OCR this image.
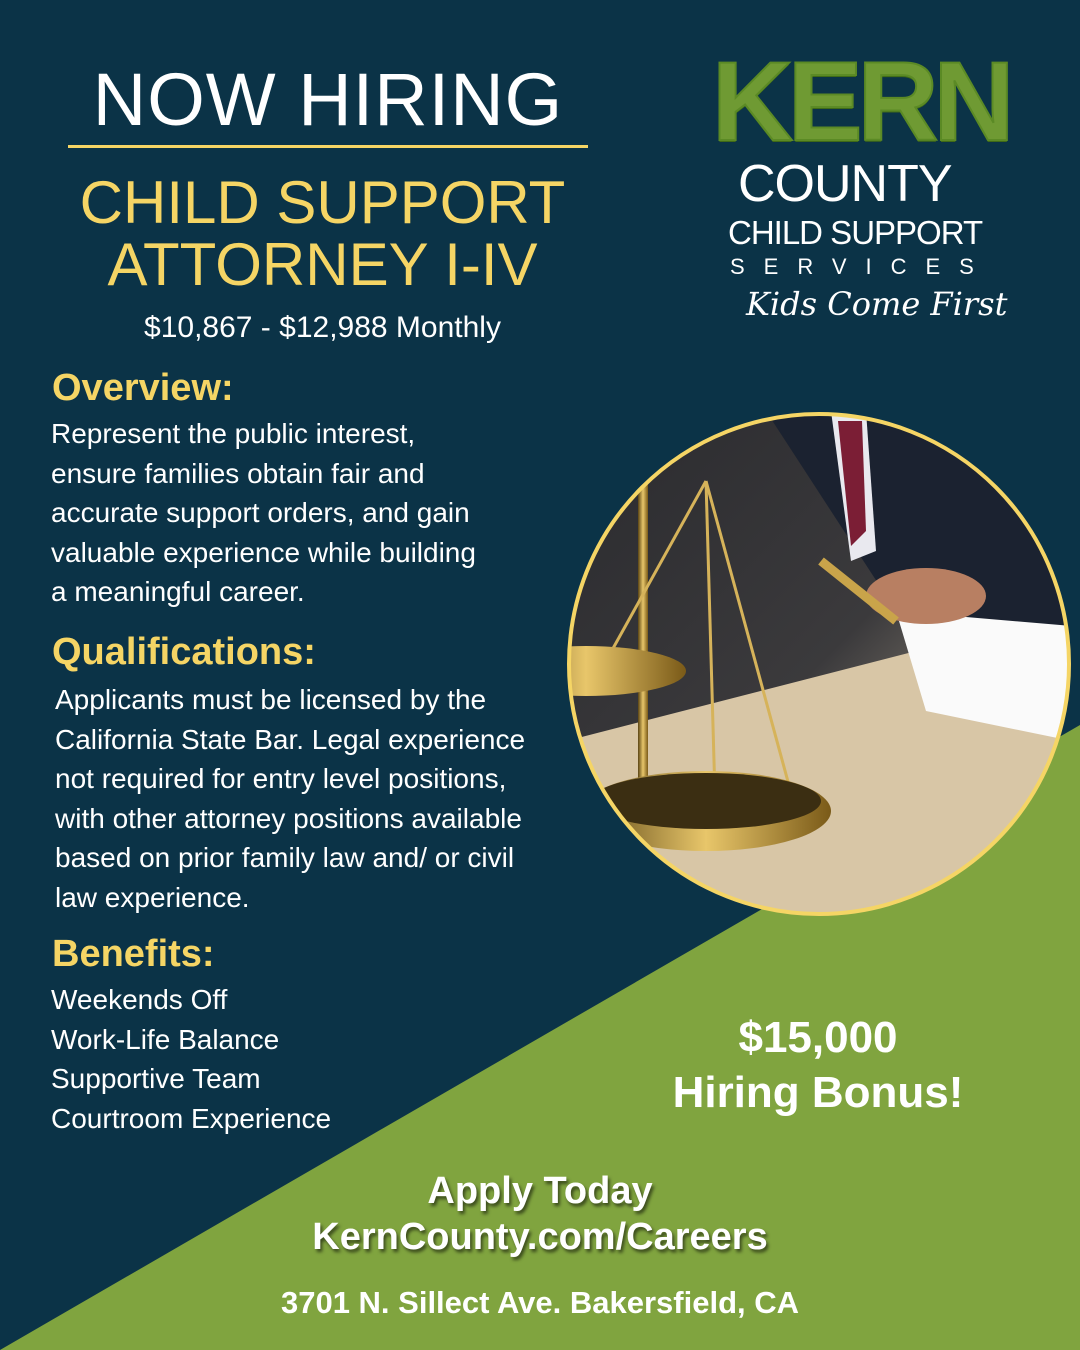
NOW HIRING
CHILD SUPPORT
ATTORNEY I-IV
$10,867 - $12,988 Monthly
KERN
COUNTY
CHILD SUPPORT
SERVICES
Kids Come First
Overview:
Represent the public interest,
ensure families obtain fair and
accurate support orders, and gain
valuable experience while building
a meaningful career.
Qualifications:
Applicants must be licensed by the
California State Bar. Legal experience
not required for entry level positions,
with other attorney positions available
based on prior family law and/ or civil
law experience.
Benefits:
Weekends Off
Work-Life Balance
Supportive Team
Courtroom Experience
$15,000
Hiring Bonus!
Apply Today
KernCounty.com/Careers
3701 N. Sillect Ave. Bakersfield, CA
